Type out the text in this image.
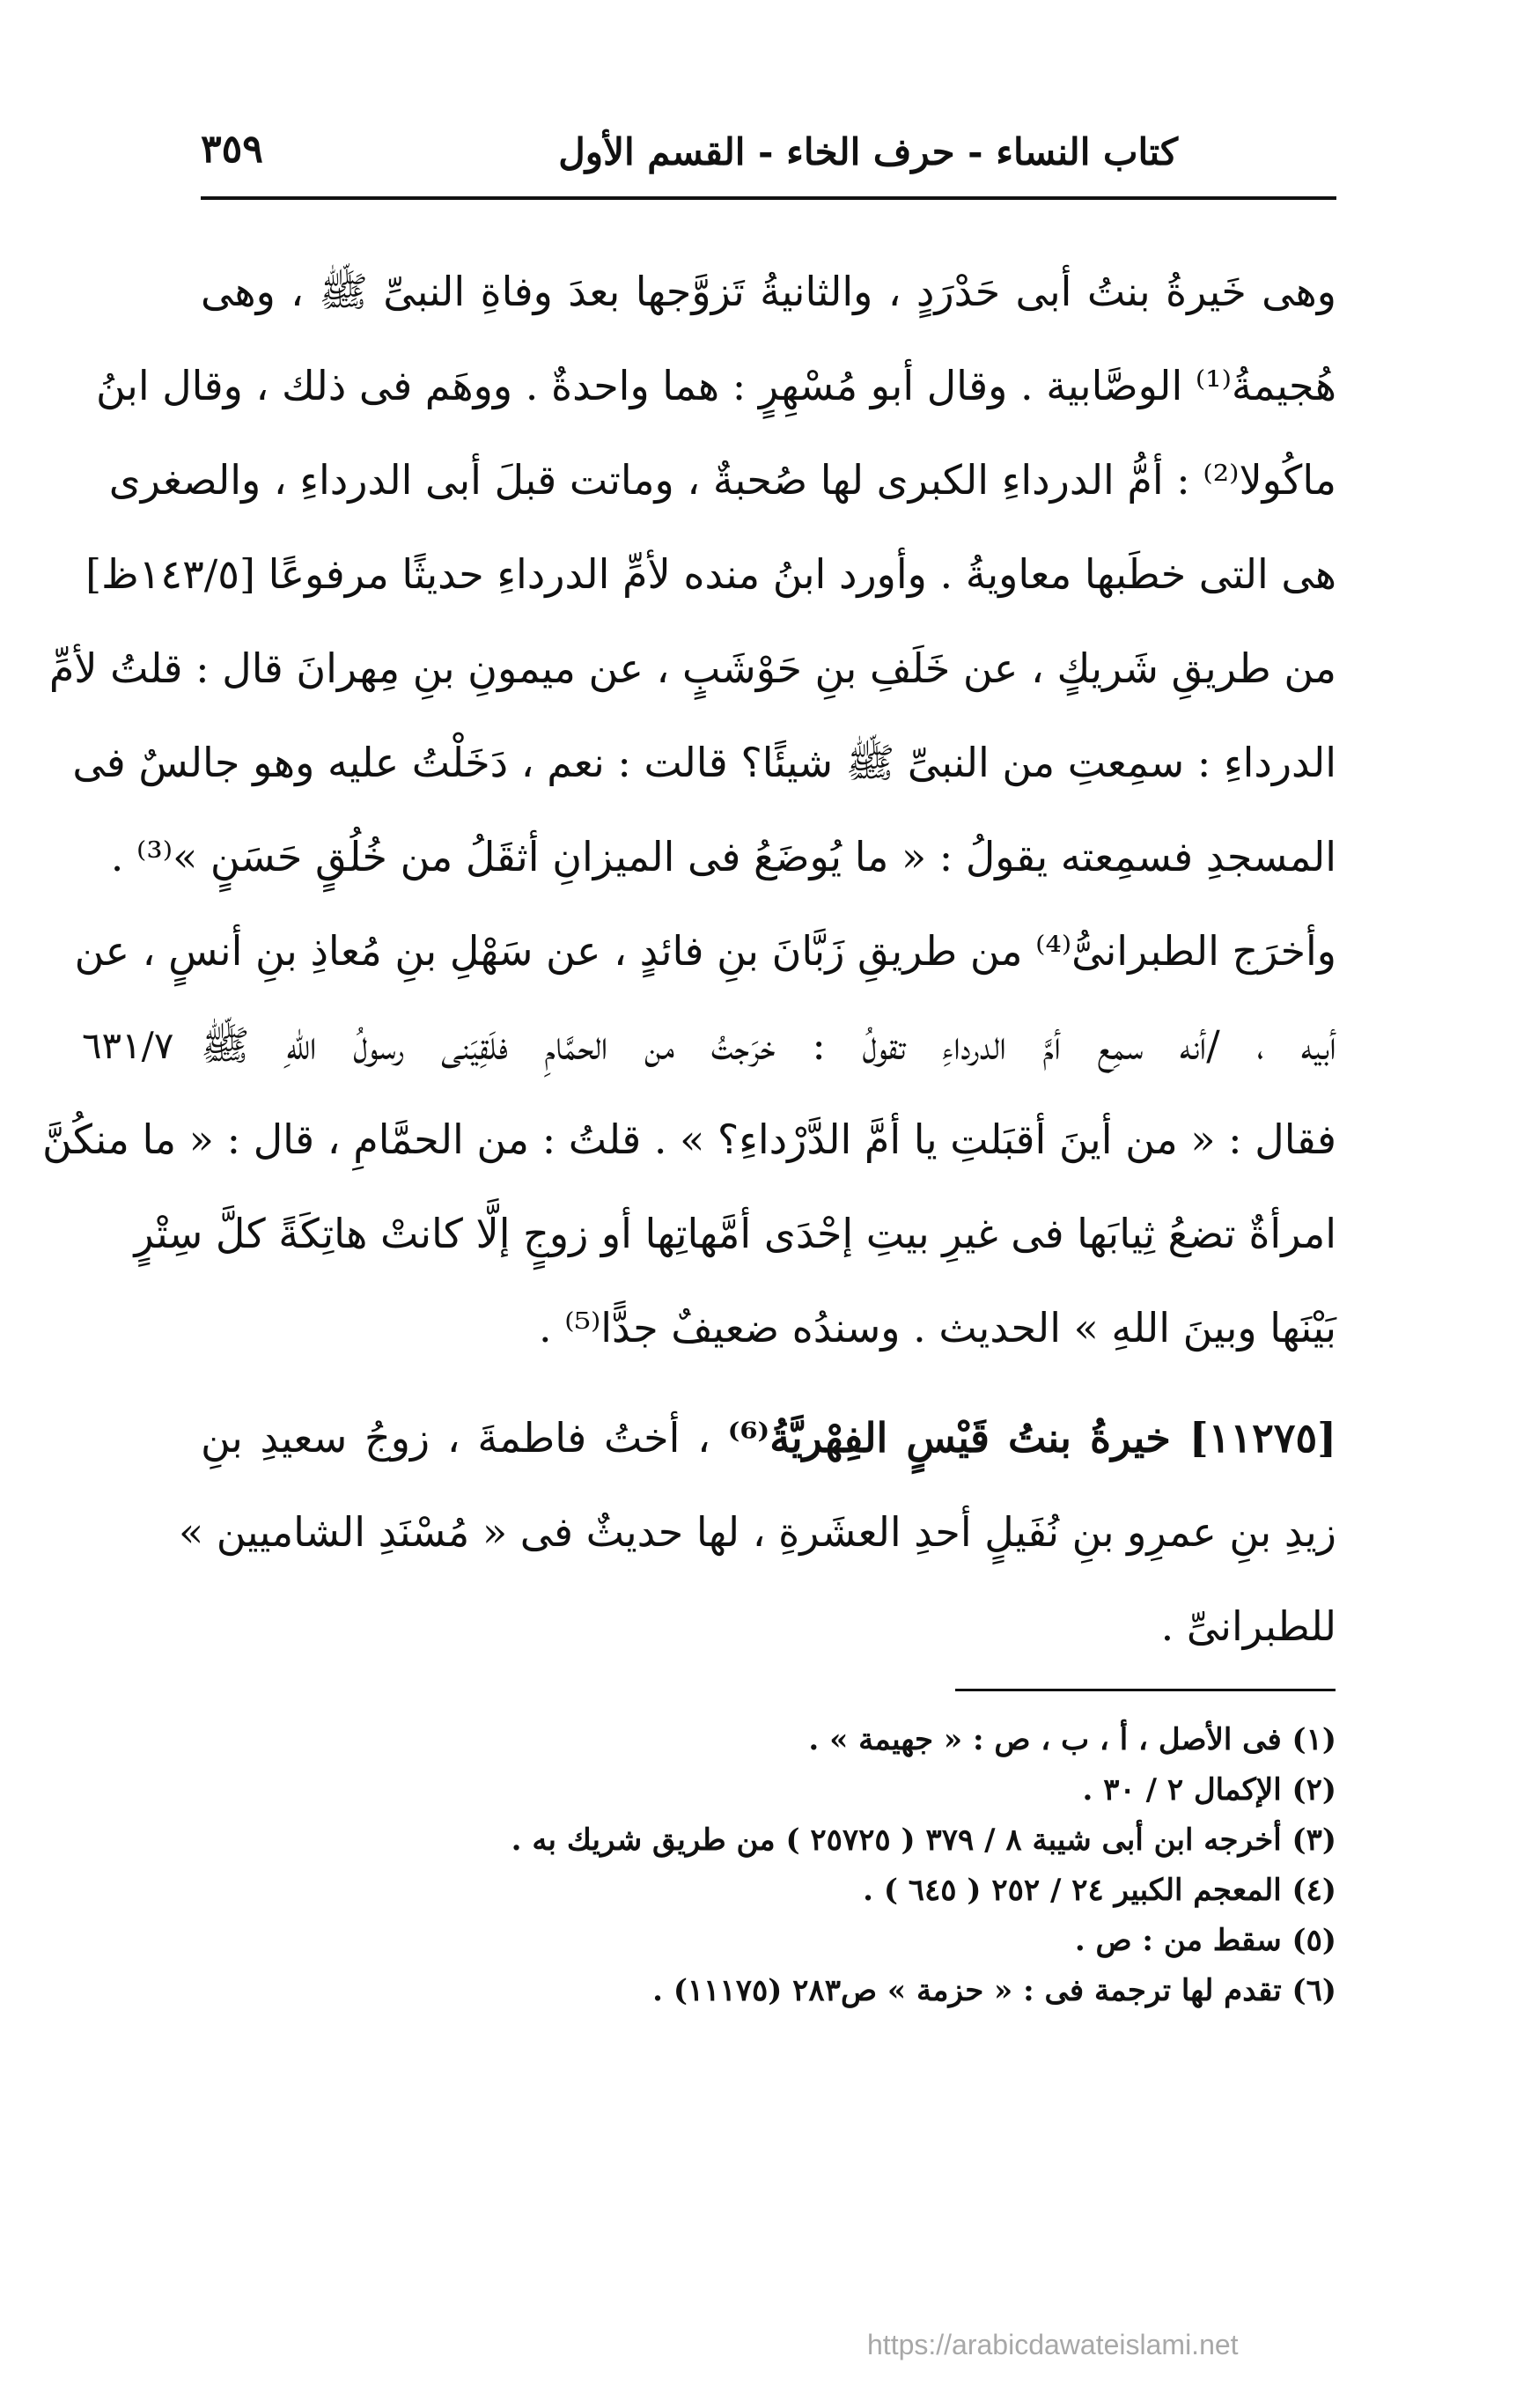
كتاب النساء - حرف الخاء - القسم الأول
٣٥٩
وهى خَيرةُ بنتُ أبى حَدْرَدٍ ، والثانيةُ تَزوَّجها بعدَ وفاةِ النبىِّ ﷺ ، وهى
هُجيمةُ⁽¹⁾ الوصَّابية . وقال أبو مُسْهِرٍ : هما واحدةٌ . ووهَم فى ذلك ، وقال ابنُ
ماكُولا⁽²⁾ : أمُّ الدرداءِ الكبرى لها صُحبةٌ ، وماتت قبلَ أبى الدرداءِ ، والصغرى
هى التى خطَبها معاويةُ . وأورد ابنُ منده لأمِّ الدرداءِ حديثًا مرفوعًا [١٤٣/٥ظ]
من طريقِ شَريكٍ ، عن خَلَفِ بنِ حَوْشَبٍ ، عن ميمونِ بنِ مِهرانَ قال : قلتُ لأمِّ
الدرداءِ : سمِعتِ من النبىِّ ﷺ شيئًا؟ قالت : نعم ، دَخَلْتُ عليه وهو جالسٌ فى
المسجدِ فسمِعته يقولُ : « ما يُوضَعُ فى الميزانِ أثقَلُ من خُلُقٍ حَسَنٍ »⁽³⁾ .
وأخرَج الطبرانىُّ⁽⁴⁾ من طريقِ زَبَّانَ بنِ فائدٍ ، عن سَهْلِ بنِ مُعاذِ بنِ أنسٍ ، عن
أبيه ، /أنه سمِع أمَّ الدرداءِ تقولُ : خرَجتُ من الحمَّامِ فلَقِيَنى رسولُ اللهِ ﷺ
٦٣١/٧
فقال : « من أينَ أقبَلتِ يا أمَّ الدَّرْداءِ؟ » . قلتُ : من الحمَّامِ ، قال : « ما منكُنَّ
امرأةٌ تضعُ ثِيابَها فى غيرِ بيتِ إحْدَى أمَّهاتِها أو زوجٍ إلَّا كانتْ هاتِكَةً كلَّ سِتْرٍ
بَيْنَها وبينَ اللهِ » الحديث . وسندُه ضعيفٌ جدًّا⁽⁵⁾ .
[١١٢٧٥] خيرةُ بنتُ قَيْسٍ الفِهْريَّةُ⁽⁶⁾ ، أختُ فاطمةَ ، زوجُ سعيدِ بنِ
زيدِ بنِ عمرِو بنِ نُفَيلٍ أحدِ العشَرةِ ، لها حديثٌ فى « مُسْنَدِ الشاميين »
للطبرانىِّ .
(١) فى الأصل ، أ ، ب ، ص : « جهيمة » .
(٢) الإكمال ٢ / ٣٠ .
(٣) أخرجه ابن أبى شيبة ٨ / ٣٧٩ ( ٢٥٧٢٥ ) من طريق شريك به .
(٤) المعجم الكبير ٢٤ / ٢٥٢ ( ٦٤٥ ) .
(٥) سقط من : ص .
(٦) تقدم لها ترجمة فى : « حزمة » ص٢٨٣ (١١١٧٥) .
https://arabicdawateislami.net
